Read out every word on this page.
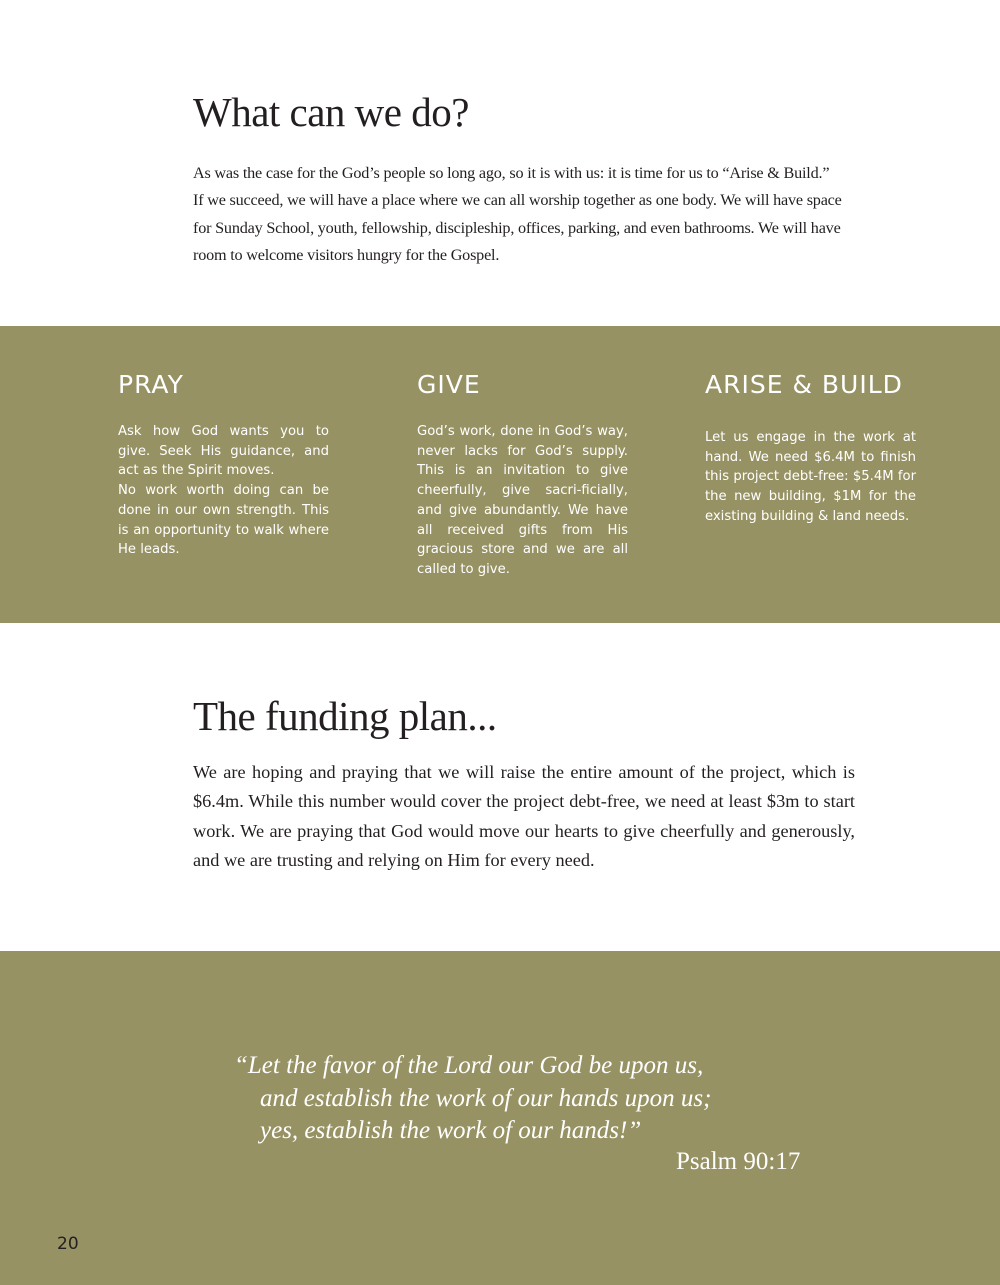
What can we do?

As was the case for the God’s people so long ago, so it is with us: it is time for us to “Arise & Build.” If we succeed, we will have a place where we can all worship together as one body. We will have space for Sunday School, youth, fellowship, discipleship, offices, parking, and even bathrooms. We will have room to welcome visitors hungry for the Gospel.

PRAY

Ask how God wants you to give. Seek His guidance, and act as the Spirit moves.
No work worth doing can be done in our own strength. This is an opportunity to walk where He leads.

GIVE

God’s work, done in God’s way, never lacks for God’s supply. This is an invitation to give cheerfully, give sacri-ficially, and give abundantly. We have all received gifts from His gracious store and we are all called to give.

ARISE & BUILD

Let us engage in the work at hand. We need $6.4M to finish this project debt-free: $5.4M for the new building, $1M for the existing building & land needs.

The funding plan...

We are hoping and praying that we will raise the entire amount of the project, which is $6.4m. While this number would cover the project debt-free, we need at least $3m to start work. We are praying that God would move our hearts to give cheerfully and generously, and we are trusting and relying on Him for every need.

“Let the favor of the Lord our God be upon us,
and establish the work of our hands upon us;
yes, establish the work of our hands!”

Psalm 90:17

20
